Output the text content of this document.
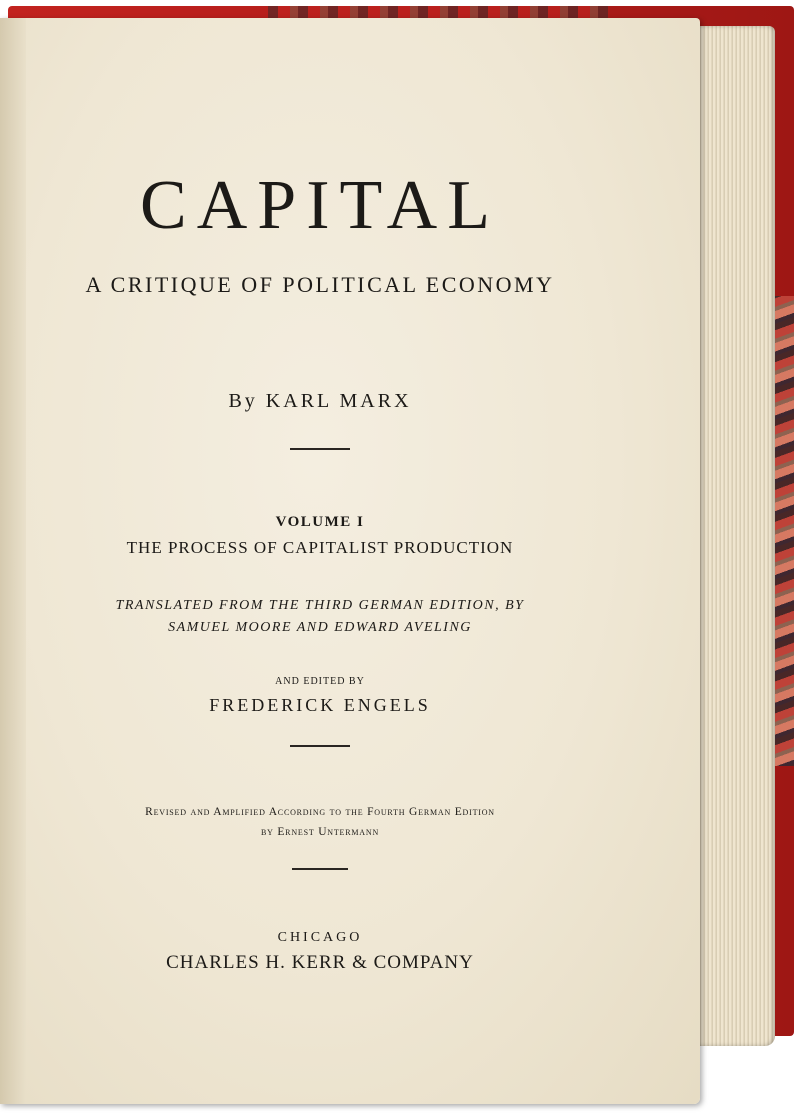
CAPITAL
A CRITIQUE OF POLITICAL ECONOMY
By KARL MARX
VOLUME I
THE PROCESS OF CAPITALIST PRODUCTION
TRANSLATED FROM THE THIRD GERMAN EDITION, BY
SAMUEL MOORE AND EDWARD AVELING
AND EDITED BY
FREDERICK ENGELS
Revised and Amplified According to the Fourth German Edition
by Ernest Untermann
CHICAGO
CHARLES H. KERR & COMPANY
